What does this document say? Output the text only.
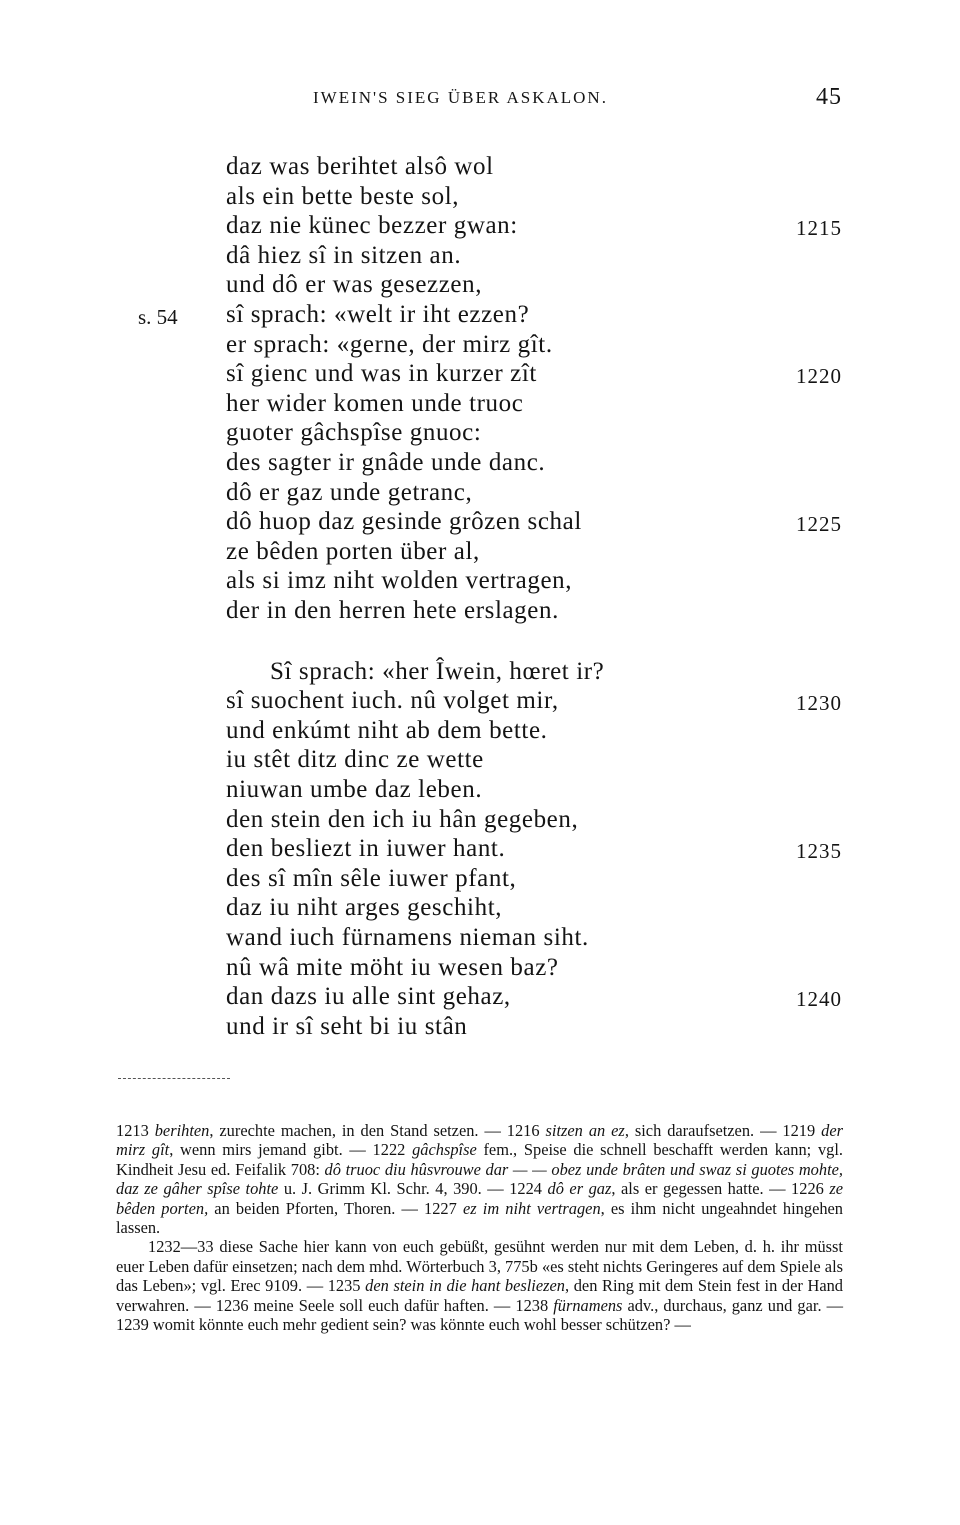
IWEIN'S SIEG ÜBER ASKALON.	45
s. 54
daz was berihtet alsô wol
als ein bette beste sol,
daz nie künec bezzer gwan:	1215
dâ hiez sî in sitzen an.
und dô er was gesezzen,
sî sprach: «welt ir iht ezzen?
er sprach: «gerne, der mirz gît.
sî gienc und was in kurzer zît	1220
her wider komen unde truoc
guoter gâchspîse gnuoc:
des sagter ir gnâde unde danc.
dô er gaz unde getranc,
dô huop daz gesinde grôzen schal	1225
ze bêden porten über al,
als si imz niht wolden vertragen,
der in den herren hete erslagen.
Sî sprach: «her Îwein, hœret ir?
sî suochent iuch. nû volget mir,	1230
und enkúmt niht ab dem bette.
iu stêt ditz dinc ze wette
niuwan umbe daz leben.
den stein den ich iu hân gegeben,
den besliezt in iuwer hant.	1235
des sî mîn sêle iuwer pfant,
daz iu niht arges geschiht,
wand iuch fürnamens nieman siht.
nû wâ mite möht iu wesen baz?
dan dazs iu alle sint gehaz,	1240
und ir sî seht bi iu stân

1213 berihten, zurechte machen, in den Stand setzen. — 1216 sitzen an ez, sich daraufsetzen. — 1219 der mirz gît, wenn mirs jemand gibt. — 1222 gâchspîse fem., Speise die schnell beschafft werden kann; vgl. Kindheit Jesu ed. Feifalik 708: dô truoc diu hûsvrouwe dar — — obez unde brâten und swaz si guotes mohte, daz ze gâher spîse tohte u. J. Grimm Kl. Schr. 4, 390. — 1224 dô er gaz, als er gegessen hatte. — 1226 ze bêden porten, an beiden Pforten, Thoren. — 1227 ez im niht vertragen, es ihm nicht ungeahndet hingehen lassen.

1232—33 diese Sache hier kann von euch gebüßt, gesühnt werden nur mit dem Leben, d. h. ihr müsst euer Leben dafür einsetzen; nach dem mhd. Wörterbuch 3, 775b «es steht nichts Geringeres auf dem Spiele als das Leben»; vgl. Erec 9109. — 1235 den stein in die hant besliezen, den Ring mit dem Stein fest in der Hand verwahren. — 1236 meine Seele soll euch dafür haften. — 1238 fürnamens adv., durchaus, ganz und gar. — 1239 womit könnte euch mehr gedient sein? was könnte euch wohl besser schützen? —
